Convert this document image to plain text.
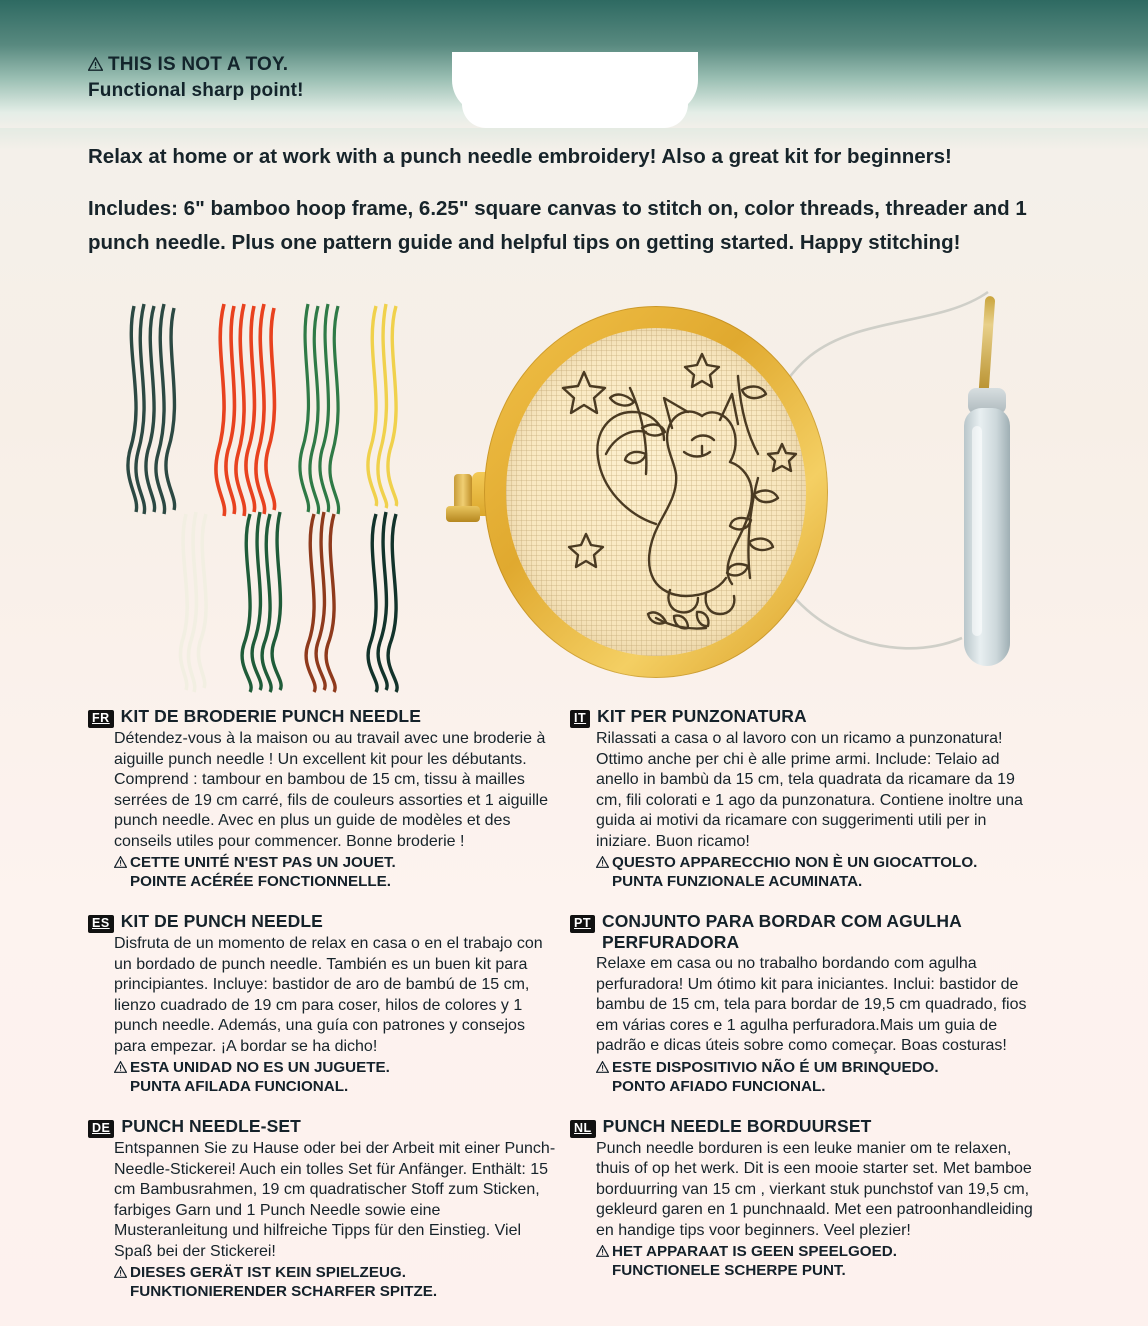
THIS IS NOT A TOY.
Functional sharp point!
Relax at home or at work with a punch needle embroidery! Also a great kit for beginners!
Includes: 6" bamboo hoop frame, 6.25" square canvas to stitch on, color threads, threader and 1 punch needle. Plus one pattern guide and helpful tips on getting started. Happy stitching!
FR KIT DE BRODERIE PUNCH NEEDLE
Détendez-vous à la maison ou au travail avec une broderie à aiguille punch needle ! Un excellent kit pour les débutants. Comprend : tambour en bambou de 15 cm, tissu à mailles serrées de 19 cm carré, fils de couleurs assorties et 1 aiguille punch needle. Avec en plus un guide de modèles et des conseils utiles pour commencer. Bonne broderie !
CETTE UNITÉ N'EST PAS UN JOUET.
POINTE ACÉRÉE FONCTIONNELLE.
ES KIT DE PUNCH NEEDLE
Disfruta de un momento de relax en casa o en el trabajo con un bordado de punch needle. También es un buen kit para principiantes. Incluye: bastidor de aro de bambú de 15 cm, lienzo cuadrado de 19 cm para coser, hilos de colores y 1 punch needle. Además, una guía con patrones y consejos para empezar. ¡A bordar se ha dicho!
ESTA UNIDAD NO ES UN JUGUETE.
PUNTA AFILADA FUNCIONAL.
DE PUNCH NEEDLE-SET
Entspannen Sie zu Hause oder bei der Arbeit mit einer Punch-Needle-Stickerei! Auch ein tolles Set für Anfänger. Enthält: 15 cm Bambusrahmen, 19 cm quadratischer Stoff zum Sticken, farbiges Garn und 1 Punch Needle sowie eine Musteranleitung und hilfreiche Tipps für den Einstieg. Viel Spaß bei der Stickerei!
DIESES GERÄT IST KEIN SPIELZEUG.
FUNKTIONIERENDER SCHARFER SPITZE.
IT KIT PER PUNZONATURA
Rilassati a casa o al lavoro con un ricamo a punzonatura! Ottimo anche per chi è alle prime armi. Include: Telaio ad anello in bambù da 15 cm, tela quadrata da ricamare da 19 cm, fili colorati e 1 ago da punzonatura. Contiene inoltre una guida ai motivi da ricamare con suggerimenti utili per in iniziare. Buon ricamo!
QUESTO APPARECCHIO NON È UN GIOCATTOLO.
PUNTA FUNZIONALE ACUMINATA.
PT CONJUNTO PARA BORDAR COM AGULHA PERFURADORA
Relaxe em casa ou no trabalho bordando com agulha perfuradora! Um ótimo kit para iniciantes. Inclui: bastidor de bambu de 15 cm, tela para bordar de 19,5 cm quadrado, fios em várias cores e 1 agulha perfuradora.Mais um guia de padrão e dicas úteis sobre como começar. Boas costuras!
ESTE DISPOSITIVIO NÃO É UM BRINQUEDO.
PONTO AFIADO FUNCIONAL.
NL PUNCH NEEDLE BORDUURSET
Punch needle borduren is een leuke manier om te relaxen, thuis of op het werk. Dit is een mooie starter set. Met bamboe borduurring van 15 cm , vierkant stuk punchstof van 19,5 cm, gekleurd garen en 1 punchnaald. Met een patroonhandleiding en handige tips voor beginners. Veel plezier!
HET APPARAAT IS GEEN SPEELGOED.
FUNCTIONELE SCHERPE PUNT.
